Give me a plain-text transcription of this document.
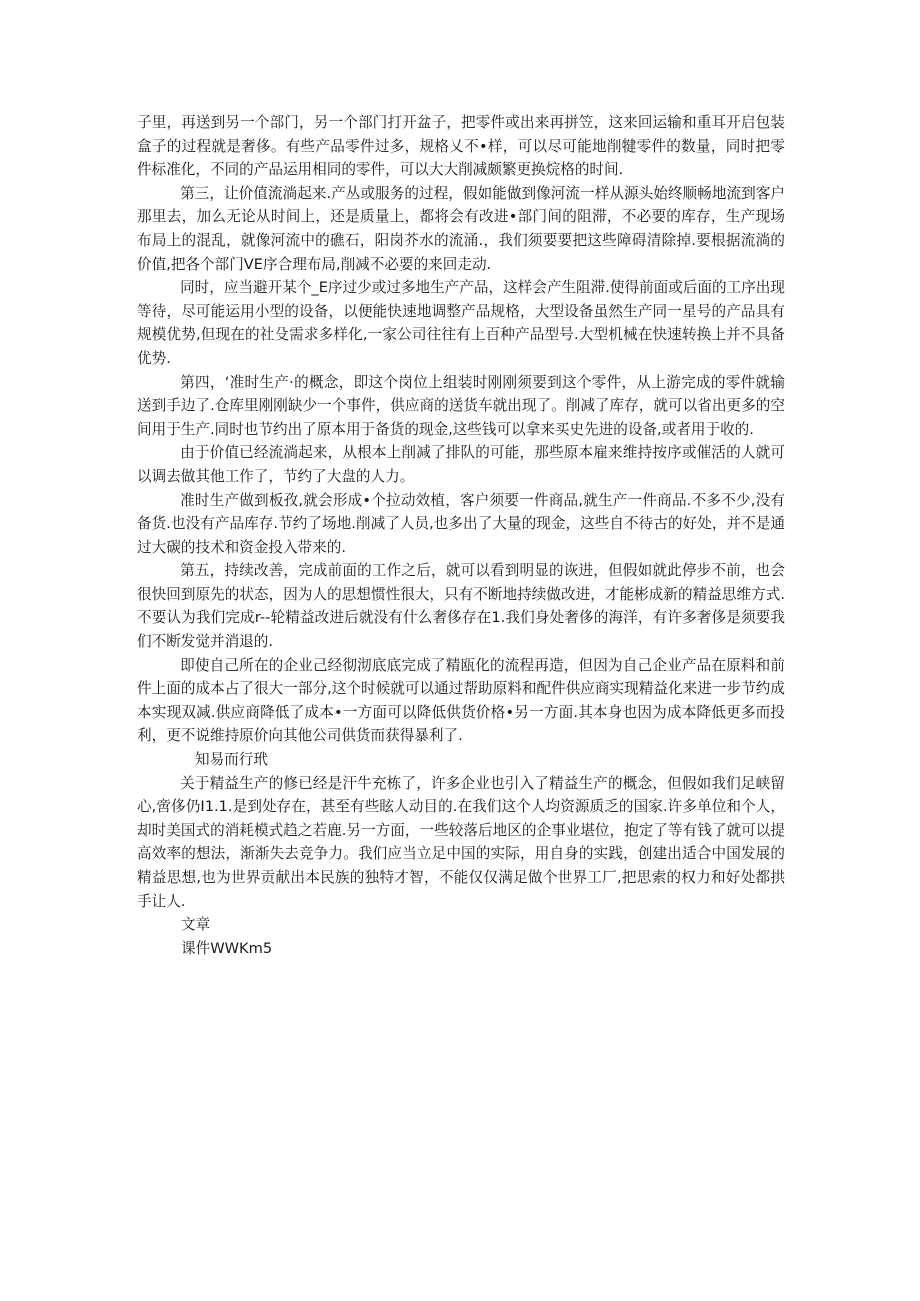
子里，再送到另一个部门，另一个部门打开盆子，把零件或出来再拼笠，这来回运输和重耳开启包装盒子的过程就是奢侈。有些产品零件过多，规格乂不•样，可以尽可能地削犍零件的数量，同时把零件标准化，不同的产品运用相同的零件，可以大大削减颇繁更换烷格的时间.

第三，让价值流淌起来.产丛或服务的过程，假如能做到像河流一样从源头始终顺畅地流到客户那里去，加么无论从时间上，还是质量上，都将会有改进•部门间的阻滞，不必要的库存，生产现场布局上的混乱，就像河流中的礁石，阳岗芥水的流涌.，我们须要要把这些障碍清除掉.要根据流淌的价值,把各个部门VE序合理布局,削减不必要的来回走动.

同时，应当避开某个_E序过少或过多地生产产品，这样会产生阻滞.使得前面或后面的工序出现等待，尽可能运用小型的设备，以便能快速地调整产品规格，大型设备虽然生产同一星号的产品具有规模优势,但现在的社殳需求多样化,一家公司往往有上百种产品型号.大型机械在快速转换上并不具备优势.

第四，‘准时生产·的概念，即这个岗位上组装时刚刚须要到这个零件，从上游完成的零件就输送到手边了.仓库里刚刚缺少一个事件，供应商的送货车就出现了。削减了库存，就可以省出更多的空间用于生产.同时也节约出了原本用于备货的现金,这些钱可以拿来买史先进的设备,或者用于收的.

由于价值已经流淌起来，从根本上削减了排队的可能，那些原本雇来维持按序或催活的人就可以调去做其他工作了，节约了大盘的人力。

准时生产做到板孜,就会形成•个拉动效植，客户须要一件商品,就生产一件商品.不多不少,没有备货.也没有产品库存.节约了场地.削减了人员,也多出了大量的现金，这些自不待古的好处，并不是通过大碳的技术和资金投入带来的.

第五，持续改善，完成前面的工作之后，就可以看到明显的诙进，但假如就此停步不前，也会很快回到原先的状态，因为人的思想惯性很大，只有不断地持续做改进，才能彬成新的精益思维方式.不要认为我们完成r--轮精益改进后就没有什么奢侈存在1.我们身处奢侈的海洋，有许多奢侈是须要我们不断发觉并消退的.

即使自己所在的企业己经彻沏底底完成了精瓯化的流程再造，但因为自己企业产品在原料和前件上面的成本占了很大一部分,这个时候就可以通过帮助原料和配件供应商实现精益化来进一步节约成本实现双减.供应商降低了成本•一方面可以降低供货价格•另一方面.其本身也因为成本降低更多而投利，更不说维持原价向其他公司供货而获得暴利了.

知易而行玳

关于精益生产的修已经是汗牛充栋了，许多企业也引入了精益生产的概念，但假如我们足峡留心,啻侈仍I1.1.是到处存在，甚至有些眩人动目的.在我们这个人均资源质乏的国家.许多单位和个人，却时美国式的消耗模式趋之若鹿.另一方面，一些较落后地区的企事业堪位，抱定了等有钱了就可以提高效率的想法，渐渐失去竞争力。我们应当立足中国的实际，用自身的实践，创建出适合中国发展的精益思想,也为世界贡献出本民族的独特才智，不能仅仅满足做个世界工厂,把思索的权力和好处都拱手让人.

文章

课件WWKm5
